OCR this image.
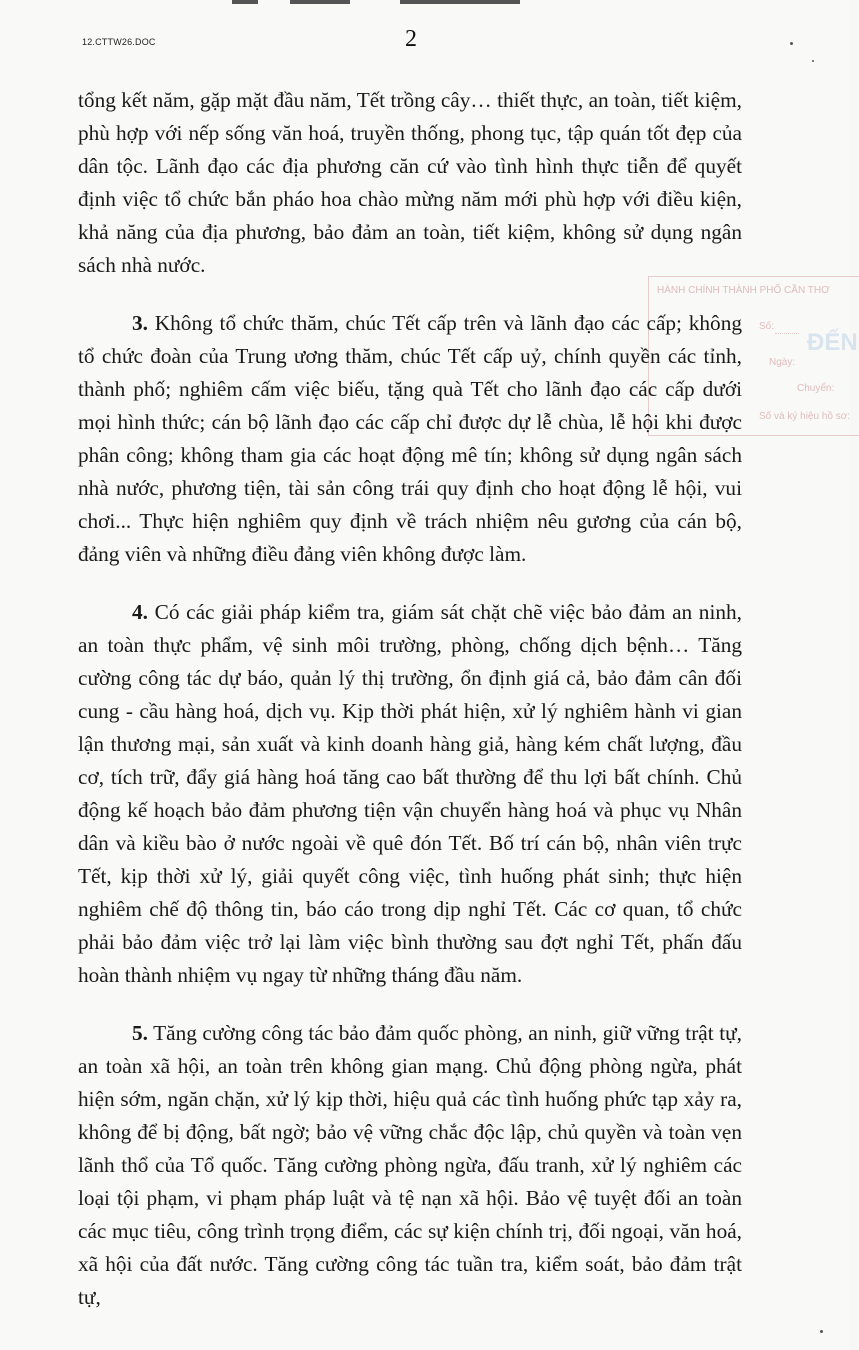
12.CTTW26.DOC	2
HÀNH CHÍNH THÀNH PHỐ CẦN THƠ
Số:
ĐẾN
Ngày:
Chuyển:
Số và ký hiệu hồ sơ:

tổng kết năm, gặp mặt đầu năm, Tết trồng cây… thiết thực, an toàn, tiết kiệm, phù hợp với nếp sống văn hoá, truyền thống, phong tục, tập quán tốt đẹp của dân tộc. Lãnh đạo các địa phương căn cứ vào tình hình thực tiễn để quyết định việc tổ chức bắn pháo hoa chào mừng năm mới phù hợp với điều kiện, khả năng của địa phương, bảo đảm an toàn, tiết kiệm, không sử dụng ngân sách nhà nước.

3. Không tổ chức thăm, chúc Tết cấp trên và lãnh đạo các cấp; không tổ chức đoàn của Trung ương thăm, chúc Tết cấp uỷ, chính quyền các tỉnh, thành phố; nghiêm cấm việc biếu, tặng quà Tết cho lãnh đạo các cấp dưới mọi hình thức; cán bộ lãnh đạo các cấp chỉ được dự lễ chùa, lễ hội khi được phân công; không tham gia các hoạt động mê tín; không sử dụng ngân sách nhà nước, phương tiện, tài sản công trái quy định cho hoạt động lễ hội, vui chơi... Thực hiện nghiêm quy định về trách nhiệm nêu gương của cán bộ, đảng viên và những điều đảng viên không được làm.

4. Có các giải pháp kiểm tra, giám sát chặt chẽ việc bảo đảm an ninh, an toàn thực phẩm, vệ sinh môi trường, phòng, chống dịch bệnh… Tăng cường công tác dự báo, quản lý thị trường, ổn định giá cả, bảo đảm cân đối cung - cầu hàng hoá, dịch vụ. Kịp thời phát hiện, xử lý nghiêm hành vi gian lận thương mại, sản xuất và kinh doanh hàng giả, hàng kém chất lượng, đầu cơ, tích trữ, đẩy giá hàng hoá tăng cao bất thường để thu lợi bất chính. Chủ động kế hoạch bảo đảm phương tiện vận chuyển hàng hoá và phục vụ Nhân dân và kiều bào ở nước ngoài về quê đón Tết. Bố trí cán bộ, nhân viên trực Tết, kịp thời xử lý, giải quyết công việc, tình huống phát sinh; thực hiện nghiêm chế độ thông tin, báo cáo trong dịp nghỉ Tết. Các cơ quan, tổ chức phải bảo đảm việc trở lại làm việc bình thường sau đợt nghỉ Tết, phấn đấu hoàn thành nhiệm vụ ngay từ những tháng đầu năm.

5. Tăng cường công tác bảo đảm quốc phòng, an ninh, giữ vững trật tự, an toàn xã hội, an toàn trên không gian mạng. Chủ động phòng ngừa, phát hiện sớm, ngăn chặn, xử lý kịp thời, hiệu quả các tình huống phức tạp xảy ra, không để bị động, bất ngờ; bảo vệ vững chắc độc lập, chủ quyền và toàn vẹn lãnh thổ của Tổ quốc. Tăng cường phòng ngừa, đấu tranh, xử lý nghiêm các loại tội phạm, vi phạm pháp luật và tệ nạn xã hội. Bảo vệ tuyệt đối an toàn các mục tiêu, công trình trọng điểm, các sự kiện chính trị, đối ngoại, văn hoá, xã hội của đất nước. Tăng cường công tác tuần tra, kiểm soát, bảo đảm trật tự,
